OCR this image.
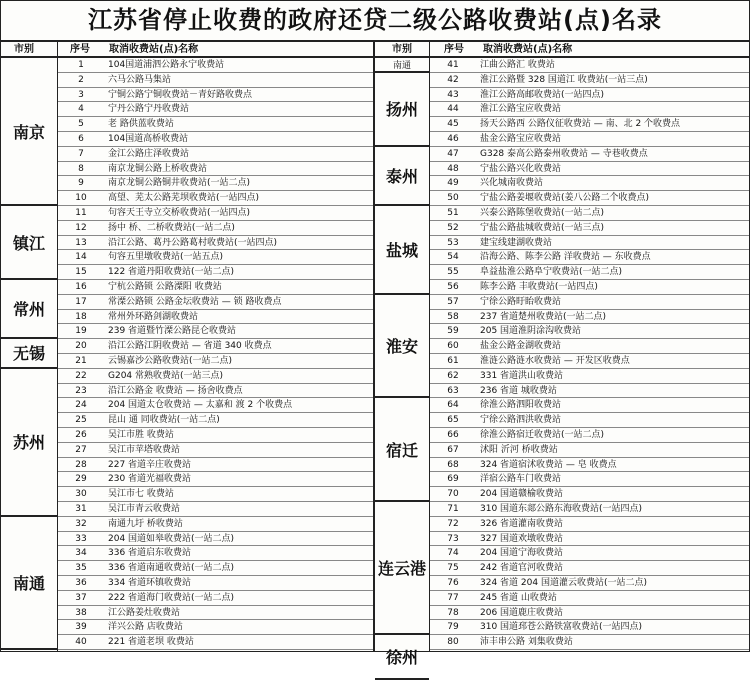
江苏省停止收费的政府还贷二级公路收费站(点)名录
市别	序号	取消收费站(点)名称	市别	序号	取消收费站(点)名称
南京
1	104国道浦泗公路永宁收费站
2	六马公路马集站
3	宁铜公路宁铜收费站－青好路收费点
4	宁丹公路宁丹收费站
5	老 路供蓝收费站
6	104国道高桥收费站
7	金江公路庄泽收费站
8	南京龙铜公路上桥收费站
9	南京龙铜公路铜井收费站(一站二点)
10	高望、芜太公路芜坝收费站(一站四点)
镇江
11	句容天王寺立交桥收费站(一站四点)
12	扬中 桥、二桥收费站(一站二点)
13	沿江公路、葛丹公路葛村收费站(一站四点)
14	句容五里墩收费站(一站五点)
15	122 省道丹阳收费站(一站二点)
常州
16	宁杭公路锁 公路溧阳 收费站
17	常溧公路锁 公路金坛收费站 — 锁 路收费点
18	常州外环路剑湖收费站
19	239 省道暨竹溧公路昆仑收费站
无锡	20	沿江公路江阴收费站 — 省道 340 收费点
21	云锡嘉沙公路收费站(一站二点)
苏州
22	G204 常熟收费站(一站三点)
23	沿江公路金 收费站 — 扬舍收费点
24	204 国道太仓收费站 — 太嘉和 渡 2 个收费点
25	昆山 通 同收费站(一站二点)
26	吴江市胜 收费站
27	吴江市苹塔收费站
28	227 省道辛庄收费站
29	230 省道光福收费站
30	吴江市七 收费站
31	吴江市青云收费站
南通
32	南通九圩 桥收费站
33	204 国道如皋收费站(一站二点)
34	336 省道启东收费站
35	336 省道南通收费站(一站二点)
36	334 省道环镇收费站
37	222 省道海门收费站(一站二点)
38	江公路姜灶收费站
39	洋兴公路 店收费站
40	221 省道老坝 收费站
南通	41	江曲公路汇 收费站
扬州
42	淮江公路暨 328 国道江 收费站(一站三点)
43	淮江公路高邮收费站(一站四点)
44	淮江公路宝应收费站
45	扬天公路西 公路仪征收费站 — 南、北 2 个收费点
46	盐金公路宝应收费站
泰州
47	G328 泰高公路泰州收费站 — 寺巷收费点
48	宁盐公路兴化收费站
49	兴化城南收费站
50	宁盐公路姜堰收费站(姜八公路二个收费点)
盐城
51	兴泰公路陈堡收费站(一站二点)
52	宁盐公路盐城收费站(一站三点)
53	建宝线建湖收费站
54	沿海公路、陈李公路 洋收费站 — 东收费点
55	阜益盐淮公路阜宁收费站(一站二点)
56	陈李公路 丰收费站(一站四点)
淮安
57	宁徐公路盱眙收费站
58	237 省道楚州收费站(一站二点)
59	205 国道淮阴涂沟收费站
60	盐金公路金湖收费站
61	淮涟公路涟水收费站 — 开发区收费点
62	331 省道洪山收费站
63	236 省道 城收费站
宿迁
64	徐淮公路泗阳收费站
65	宁徐公路泗洪收费站
66	徐淮公路宿迁收费站(一站二点)
67	沭阳 沂河 桥收费站
68	324 省道宿沭收费站 — 皂 收费点
69	洋宿公路车门收费站
70	204 国道赣榆收费站
连云港
71	310 国道东郯公路东海收费站(一站四点)
72	326 省道灌南收费站
73	327 国道欢墩收费站
74	204 国道宁海收费站
75	242 省道官河收费站
76	324 省道 204 国道灌云收费站(一站二点)
77	245 省道 山收费站
78	206 国道鹿庄收费站
79	310 国道邳苍公路铁富收费站(一站四点)
徐州
80	沛丰串公路 刘集收费站
